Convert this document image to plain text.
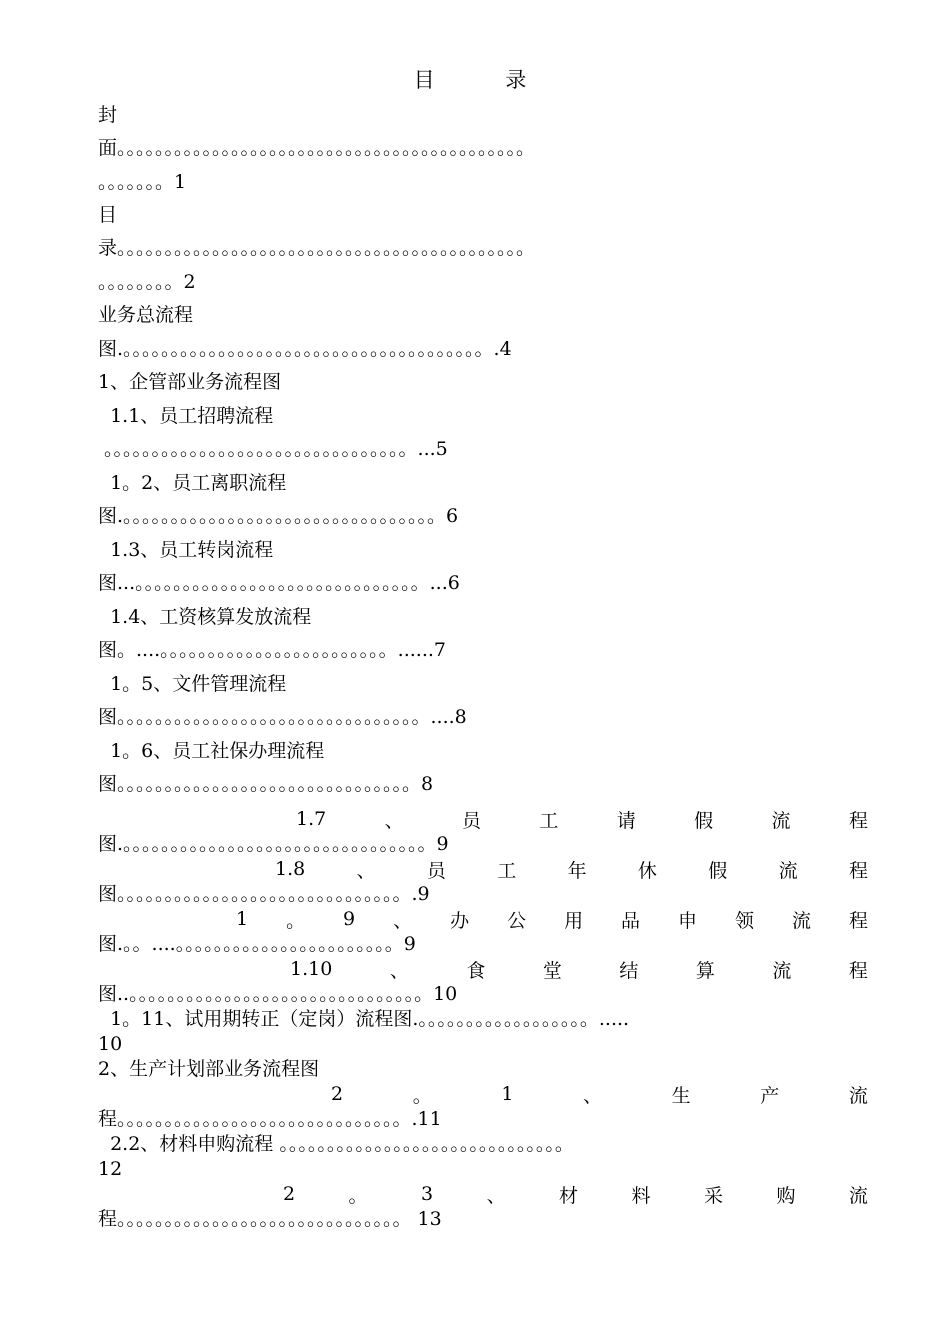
目 录
封
面。。。。。。。。。。。。。。。。。。。。。。。。。。。。。。。。。。。。。。。。。。。
。。。。。。。1
目
录。。。。。。。。。。。。。。。。。。。。。。。。。。。。。。。。。。。。。。。。。。。
。。。。。。。。2
业务总流程
图.。。。。。。。。。。。。。。。。。。。。。。。。。。。。。。。。。。。。。。.4
1、企管部业务流程图
1.1、员工招聘流程
。。。。。。。。。。。。。。。。。。。。。。。。。。。。。。。。...5
1。2、员工离职流程
图.。。。。。。。。。。。。。。。。。。。。。。。。。。。。。。。。。6
1.3、员工转岗流程
图...。。。。。。。。。。。。。。。。。。。。。。。。。。。。。。...6
1.4、工资核算发放流程
图。....。。。。。。。。。。。。。。。。。。。。。。。。......7
1。5、文件管理流程
图。。。。。。。。。。。。。。。。。。。。。。。。。。。。。。。。....8
1。6、员工社保办理流程
图。。。。。。。。。。。。。。。。。。。。。。。。。。。。。。。8
1.7	、	员	工	请	假	流	程
图.。。。。。。。。。。。。。。。。。。。。。。。。。。。。。。。。9
1.8	、	员	工	年	休	假	流	程
图。。。。。。。。。。。。。。。。。。。。。。。。。。。。。。.9
1 。 9 、 办 公 用 品 申 领 流 程
图.。。....。。。。。。。。。。。。。。。。。。。。。。。9
1.10	、	食	堂	结	算	流	程
图..。。。。。。。。。。。。。。。。。。。。。。。。。。。。。。。10
1。11、试用期转正（定岗）流程图.。。。。。。。。。。。。。。。。。。.....
10
2、生产计划部业务流程图
2	。	1	、	生	产	流
程。。。。。。。。。。。。。。。。。。。。。。。。。。。。。。.11
2.2、材料申购流程 。。。。。。。。。。。。。。。。。。。。。。。。。。。。。。
12
2	。	3	、	材	料	采	购	流
程。。。。。。。。。。。。。。。。。。。。。。。。。。。。。。 13
